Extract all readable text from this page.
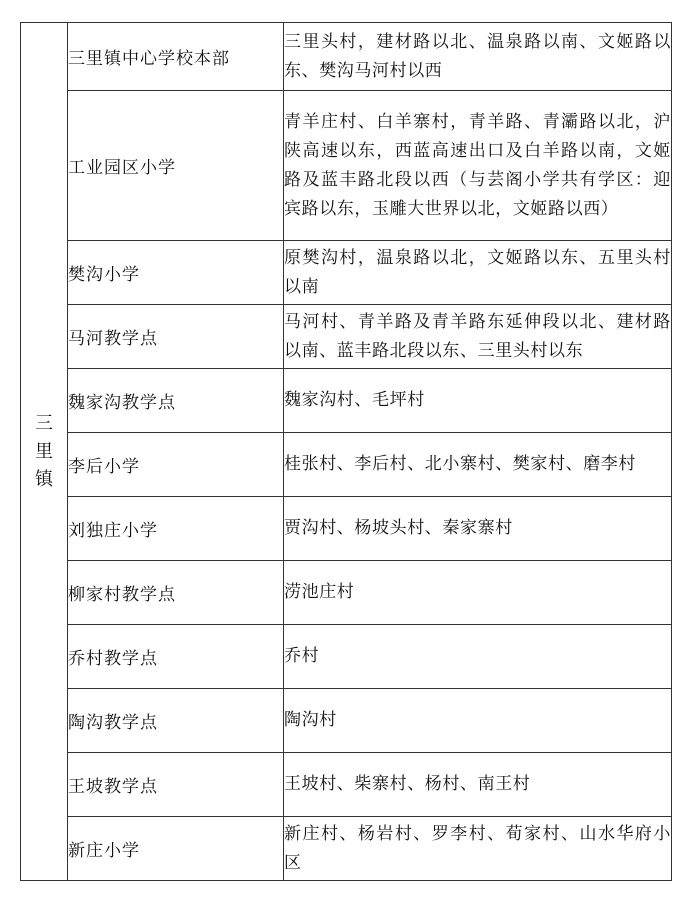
三里镇	三里镇中心学校本部	三里头村，建材路以北、温泉路以南、文姬路以东、樊沟马河村以西
	工业园区小学	青羊庄村、白羊寨村，青羊路、青灞路以北，沪陕高速以东，西蓝高速出口及白羊路以南，文姬路及蓝丰路北段以西（与芸阁小学共有学区：迎宾路以东，玉雕大世界以北，文姬路以西）
	樊沟小学	原樊沟村，温泉路以北，文姬路以东、五里头村以南
	马河教学点	马河村、青羊路及青羊路东延伸段以北、建材路以南、蓝丰路北段以东、三里头村以东
	魏家沟教学点	魏家沟村、毛坪村
	李后小学	桂张村、李后村、北小寨村、樊家村、磨李村
	刘独庄小学	贾沟村、杨坡头村、秦家寨村
	柳家村教学点	涝池庄村
	乔村教学点	乔村
	陶沟教学点	陶沟村
	王坡教学点	王坡村、柴寨村、杨村、南王村
	新庄小学	新庄村、杨岩村、罗李村、荀家村、山水华府小区
